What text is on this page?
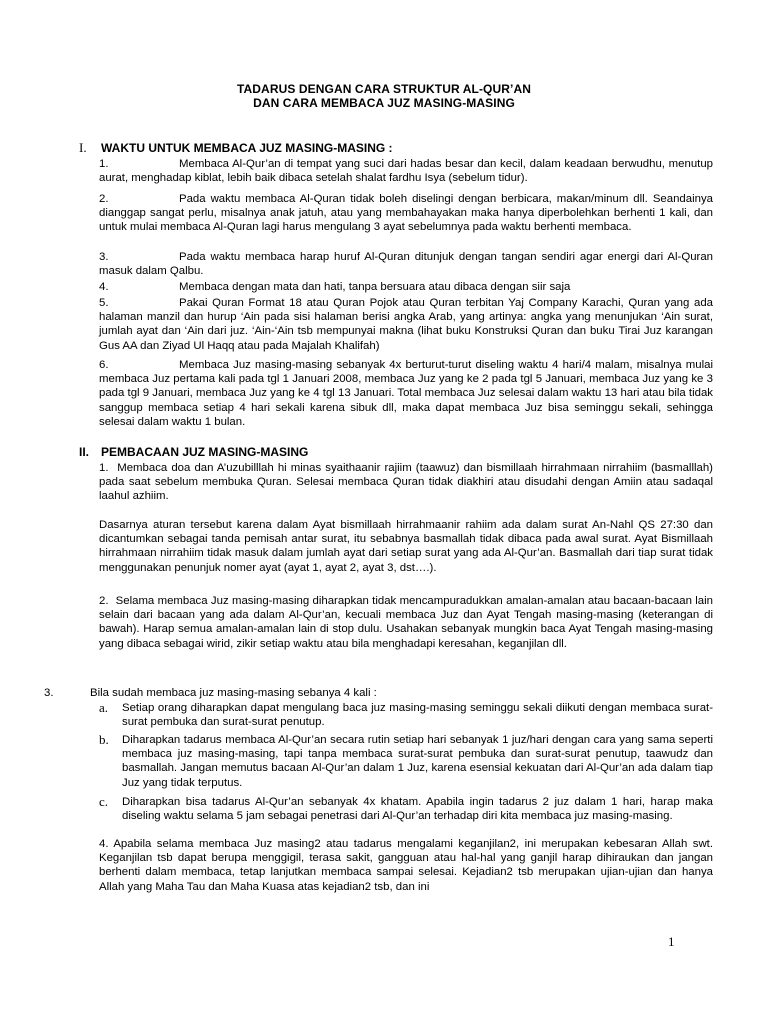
TADARUS DENGAN CARA STRUKTUR AL-QUR’AN
DAN CARA MEMBACA JUZ MASING-MASING
I. WAKTU UNTUK MEMBACA JUZ MASING-MASING :
1.	Membaca Al-Qur’an di tempat yang suci dari hadas besar dan kecil, dalam keadaan berwudhu, menutup aurat, menghadap kiblat, lebih baik dibaca setelah shalat fardhu Isya (sebelum tidur).
2.	Pada waktu membaca Al-Quran tidak boleh diselingi dengan berbicara, makan/minum dll. Seandainya dianggap sangat perlu, misalnya anak jatuh, atau yang membahayakan maka hanya diperbolehkan berhenti 1 kali, dan untuk mulai membaca Al-Quran lagi harus mengulang 3 ayat sebelumnya pada waktu berhenti membaca.
3.	Pada waktu membaca harap huruf Al-Quran ditunjuk dengan tangan sendiri agar energi dari Al-Quran masuk dalam Qalbu.
4.	Membaca dengan mata dan hati, tanpa bersuara atau dibaca dengan siir saja
5.	Pakai Quran Format 18 atau Quran Pojok atau Quran terbitan Yaj Company Karachi, Quran yang ada halaman manzil dan hurup ‘Ain pada sisi halaman berisi angka Arab, yang artinya: angka yang menunjukan ‘Ain surat, jumlah ayat dan ‘Ain dari juz. ‘Ain-‘Ain tsb mempunyai makna (lihat buku Konstruksi Quran dan buku Tirai Juz karangan Gus AA dan Ziyad Ul Haqq atau pada Majalah Khalifah)
6.	Membaca Juz masing-masing sebanyak 4x berturut-turut diseling waktu 4 hari/4 malam, misalnya mulai membaca Juz pertama kali pada tgl 1 Januari 2008, membaca Juz yang ke 2 pada tgl 5 Januari, membaca Juz yang ke 3 pada tgl 9 Januari, membaca Juz yang ke 4 tgl 13 Januari. Total membaca Juz selesai dalam waktu 13 hari atau bila tidak sanggup membaca setiap 4 hari sekali karena sibuk dll, maka dapat membaca Juz bisa seminggu sekali, sehingga selesai dalam waktu 1 bulan.
II. PEMBACAAN JUZ MASING-MASING
1. Membaca doa dan A’uzubilllah hi minas syaithaanir rajiim (taawuz) dan bismillaah hirrahmaan nirrahiim (basmalllah) pada saat sebelum membuka Quran. Selesai membaca Quran tidak diakhiri atau disudahi dengan Amiin atau sadaqal laahul azhiim.
Dasarnya aturan tersebut karena dalam Ayat bismillaah hirrahmaanir rahiim ada dalam surat An-Nahl QS 27:30 dan dicantumkan sebagai tanda pemisah antar surat, itu sebabnya basmallah tidak dibaca pada awal surat. Ayat Bismillaah hirrahmaan nirrahiim tidak masuk dalam jumlah ayat dari setiap surat yang ada Al-Qur’an. Basmallah dari tiap surat tidak menggunakan penunjuk nomer ayat (ayat 1, ayat 2, ayat 3, dst….).
2. Selama membaca Juz masing-masing diharapkan tidak mencampuradukkan amalan-amalan atau bacaan-bacaan lain selain dari bacaan yang ada dalam Al-Qur’an, kecuali membaca Juz dan Ayat Tengah masing-masing (keterangan di bawah). Harap semua amalan-amalan lain di stop dulu. Usahakan sebanyak mungkin baca Ayat Tengah masing-masing yang dibaca sebagai wirid, zikir setiap waktu atau bila menghadapi keresahan, keganjilan dll.
3.	Bila sudah membaca juz masing-masing sebanya 4 kali :
a. Setiap orang diharapkan dapat mengulang baca juz masing-masing seminggu sekali diikuti dengan membaca surat- surat pembuka dan surat-surat penutup.
b. Diharapkan tadarus membaca Al-Qur’an secara rutin setiap hari sebanyak 1 juz/hari dengan cara yang sama seperti membaca juz masing-masing, tapi tanpa membaca surat-surat pembuka dan surat-surat penutup, taawudz dan basmallah. Jangan memutus bacaan Al-Qur’an dalam 1 Juz, karena esensial kekuatan dari Al-Qur’an ada dalam tiap Juz yang tidak terputus.
c. Diharapkan bisa tadarus Al-Qur’an sebanyak 4x khatam. Apabila ingin tadarus 2 juz dalam 1 hari, harap maka diseling waktu selama 5 jam sebagai penetrasi dari Al-Qur’an terhadap diri kita membaca juz masing-masing.
4. Apabila selama membaca Juz masing2 atau tadarus mengalami keganjilan2, ini merupakan kebesaran Allah swt. Keganjilan tsb dapat berupa menggigil, terasa sakit, gangguan atau hal-hal yang ganjil harap dihiraukan dan jangan berhenti dalam membaca, tetap lanjutkan membaca sampai selesai. Kejadian2 tsb merupakan ujian-ujian dan hanya Allah yang Maha Tau dan Maha Kuasa atas kejadian2 tsb, dan ini
1
